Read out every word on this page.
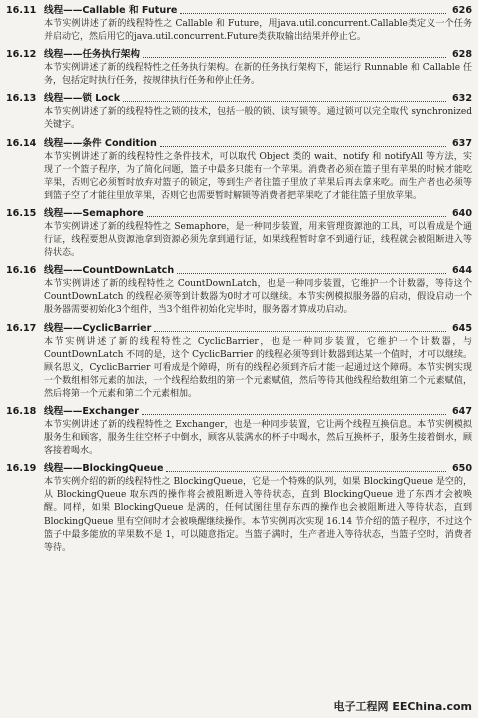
16.11 线程——Callable 和 Future	626
本节实例讲述了新的线程特性之 Callable 和 Future，用java.util.concurrent.Callable类定义一个任务并启动它，然后用它的java.util.concurrent.Future类获取输出结果并停止它。
16.12 线程——任务执行架构	628
本节实例讲述了新的线程特性之任务执行架构。在新的任务执行架构下，能运行 Runnable 和 Callable 任务，包括定时执行任务，按规律执行任务和停止任务。
16.13 线程——锁 Lock	632
本节实例讲述了新的线程特性之锁的技术，包括一般的锁、读写锁等。通过锁可以完全取代 synchronized 关键字。
16.14 线程——条件 Condition	637
本节实例讲述了新的线程特性之条件技术，可以取代 Object 类的 wait、notify 和 notifyAll 等方法，实现了一个篮子程序，为了简化问题，篮子中最多只能有一个苹果。消费者必须在篮子里有苹果的时候才能吃苹果，否则它必须暂时放弃对篮子的锁定，等到生产者往篮子里放了苹果后再去拿来吃。而生产者也必须等到篮子空了才能往里放苹果，否则它也需要暂时解锁等消费者把苹果吃了才能往篮子里放苹果。
16.15 线程——Semaphore	640
本节实例讲述了新的线程特性之 Semaphore，是一种同步装置，用来管理资源池的工具，可以看成是个通行证，线程要想从资源池拿到资源必须先拿到通行证，如果线程暂时拿不到通行证，线程就会被阻断进入等待状态。
16.16 线程——CountDownLatch	644
本节实例讲述了新的线程特性之 CountDownLatch，也是一种同步装置，它维护一个计数器，等待这个 CountDownLatch 的线程必须等到计数器为0时才可以继续。本节实例模拟服务器的启动，假设启动一个服务器需要初始化3个组件，当3个组件初始化完毕时，服务器才算成功启动。
16.17 线程——CyclicBarrier	645
本节实例讲述了新的线程特性之 CyclicBarrier，也是一种同步装置，它维护一个计数器，与 CountDownLatch 不同的是，这个 CyclicBarrier 的线程必须等到计数器到达某一个值时，才可以继续。顾名思义，CyclicBarrier 可看成是个障碍，所有的线程必须到齐后才能一起通过这个障碍。本节实例实现一个数组相邻元素的加法，一个线程给数组的第一个元素赋值，然后等待其他线程给数组第二个元素赋值，然后将第一个元素和第二个元素相加。
16.18 线程——Exchanger	647
本节实例讲述了新的线程特性之 Exchanger，也是一种同步装置，它让两个线程互换信息。本节实例模拟服务生和顾客，服务生往空杯子中倒水，顾客从装满水的杯子中喝水，然后互换杯子，服务生接着倒水，顾客接着喝水。
16.19 线程——BlockingQueue	650
本节实例介绍的新的线程特性之 BlockingQueue，它是一个特殊的队列，如果 BlockingQueue 是空的，从 BlockingQueue 取东西的操作将会被阻断进入等待状态，直到 BlockingQueue 进了东西才会被唤醒。同样，如果 BlockingQueue 是满的，任何试图往里存东西的操作也会被阻断进入等待状态，直到 BlockingQueue 里有空间时才会被唤醒继续操作。本节实例再次实现 16.14 节介绍的篮子程序，不过这个篮子中最多能放的苹果数不是 1，可以随意指定。当篮子满时，生产者进入等待状态，当篮子空时，消费者等待。
电子工程网 EEChina.com
